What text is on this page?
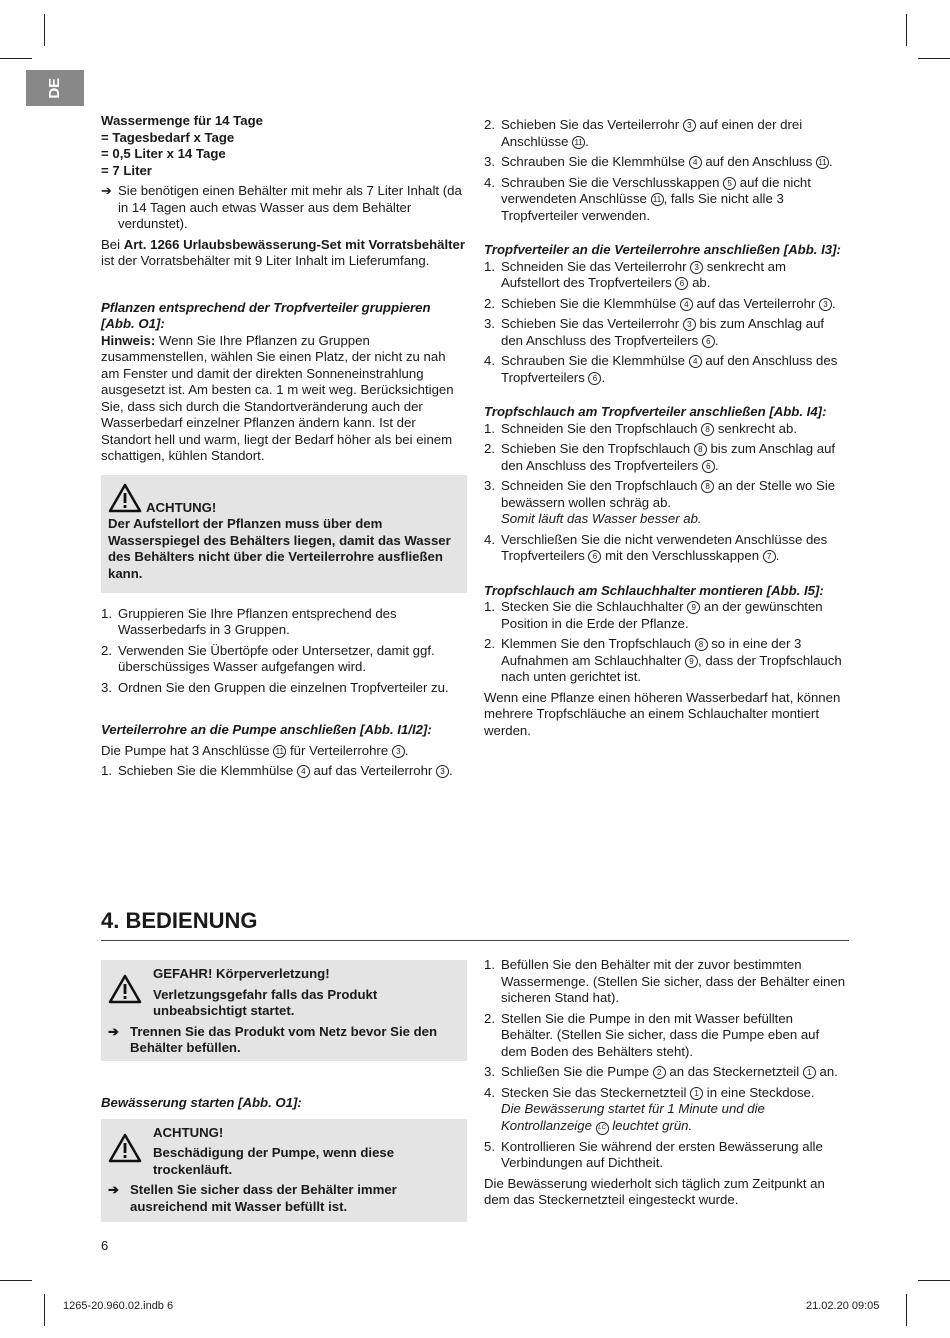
DE

Wassermenge für 14 Tage

= Tagesbedarf x Tage

= 0,5 Liter x 14 Tage

= 7 Liter

➔ Sie benötigen einen Behälter mit mehr als 7 Liter Inhalt (da in 14 Tagen auch etwas Wasser aus dem Behälter verdunstet).

Bei Art. 1266 Urlaubsbewässerung-Set mit Vorratsbehälter ist der Vorratsbehälter mit 9 Liter Inhalt im Lieferumfang.

Pflanzen entsprechend der Tropfverteiler gruppieren [Abb. O1]:

Hinweis: Wenn Sie Ihre Pflanzen zu Gruppen zusammenstellen, wählen Sie einen Platz, der nicht zu nah am Fenster und damit der direkten Sonneneinstrahlung ausgesetzt ist. Am besten ca. 1 m weit weg. Berücksichtigen Sie, dass sich durch die Standortveränderung auch der Wasserbedarf einzelner Pflanzen ändern kann. Ist der Standort hell und warm, liegt der Bedarf höher als bei einem schattigen, kühlen Standort.

ACHTUNG!

Der Aufstellort der Pflanzen muss über dem Wasserspiegel des Behälters liegen, damit das Wasser des Behälters nicht über die Verteilerrohre ausfließen kann.

1. Gruppieren Sie Ihre Pflanzen entsprechend des Wasserbedarfs in 3 Gruppen.
2. Verwenden Sie Übertöpfe oder Untersetzer, damit ggf. überschüssiges Wasser aufgefangen wird.
3. Ordnen Sie den Gruppen die einzelnen Tropfverteiler zu.

Verteilerrohre an die Pumpe anschließen [Abb. I1/I2]:

Die Pumpe hat 3 Anschlüsse 11 für Verteilerrohre 3 .

1. Schieben Sie die Klemmhülse 4 auf das Verteilerrohr 3 .
2. Schieben Sie das Verteilerrohr 3 auf einen der drei Anschlüsse 11 .
3. Schrauben Sie die Klemmhülse 4 auf den Anschluss 11 .
4. Schrauben Sie die Verschlusskappen 5 auf die nicht verwendeten Anschlüsse 11 , falls Sie nicht alle 3 Tropfverteiler verwenden.

Tropfverteiler an die Verteilerrohre anschließen [Abb. I3]:

1. Schneiden Sie das Verteilerrohr 3 senkrecht am Aufstellort des Tropfverteilers 6 ab.
2. Schieben Sie die Klemmhülse 4 auf das Verteilerrohr 3 .
3. Schieben Sie das Verteilerrohr 3 bis zum Anschlag auf den Anschluss des Tropfverteilers 6 .
4. Schrauben Sie die Klemmhülse 4 auf den Anschluss des Tropfverteilers 6 .

Tropfschlauch am Tropfverteiler anschließen [Abb. I4]:

1. Schneiden Sie den Tropfschlauch 8 senkrecht ab.
2. Schieben Sie den Tropfschlauch 8 bis zum Anschlag auf den Anschluss des Tropfverteilers 6 .
3. Schneiden Sie den Tropfschlauch 8 an der Stelle wo Sie bewässern wollen schräg ab.
Somit läuft das Wasser besser ab.
4. Verschließen Sie die nicht verwendeten Anschlüsse des Tropfverteilers 6 mit den Verschlusskappen 7 .

Tropfschlauch am Schlauchhalter montieren [Abb. I5]:

1. Stecken Sie die Schlauchhalter 9 an der gewünschten Position in die Erde der Pflanze.
2. Klemmen Sie den Tropfschlauch 8 so in eine der 3 Aufnahmen am Schlauchhalter 9 , dass der Tropfschlauch nach unten gerichtet ist.

Wenn eine Pflanze einen höheren Wasserbedarf hat, können mehrere Tropfschläuche an einem Schlauchalter montiert werden.

4. BEDIENUNG

GEFAHR! Körperverletzung!

Verletzungsgefahr falls das Produkt unbeabsichtigt startet.

➔ Trennen Sie das Produkt vom Netz bevor Sie den Behälter befüllen.

Bewässerung starten [Abb. O1]:

ACHTUNG!

Beschädigung der Pumpe, wenn diese trockenläuft.

➔ Stellen Sie sicher dass der Behälter immer ausreichend mit Wasser befüllt ist.
1. Befüllen Sie den Behälter mit der zuvor bestimmten Wassermenge. (Stellen Sie sicher, dass der Behälter einen sicheren Stand hat).
2. Stellen Sie die Pumpe in den mit Wasser befüllten Behälter. (Stellen Sie sicher, dass die Pumpe eben auf dem Boden des Behälters steht).
3. Schließen Sie die Pumpe 2 an das Steckernetzteil 1 an.
4. Stecken Sie das Steckernetzteil 1 in eine Steckdose.
Die Bewässerung startet für 1 Minute und die Kontrollanzeige LC leuchtet grün.
5. Kontrollieren Sie während der ersten Bewässerung alle Verbindungen auf Dichtheit.

Die Bewässerung wiederholt sich täglich zum Zeitpunkt an dem das Steckernetzteil eingesteckt wurde.

6
1265-20.960.02.indb 6	21.02.20 09:05
